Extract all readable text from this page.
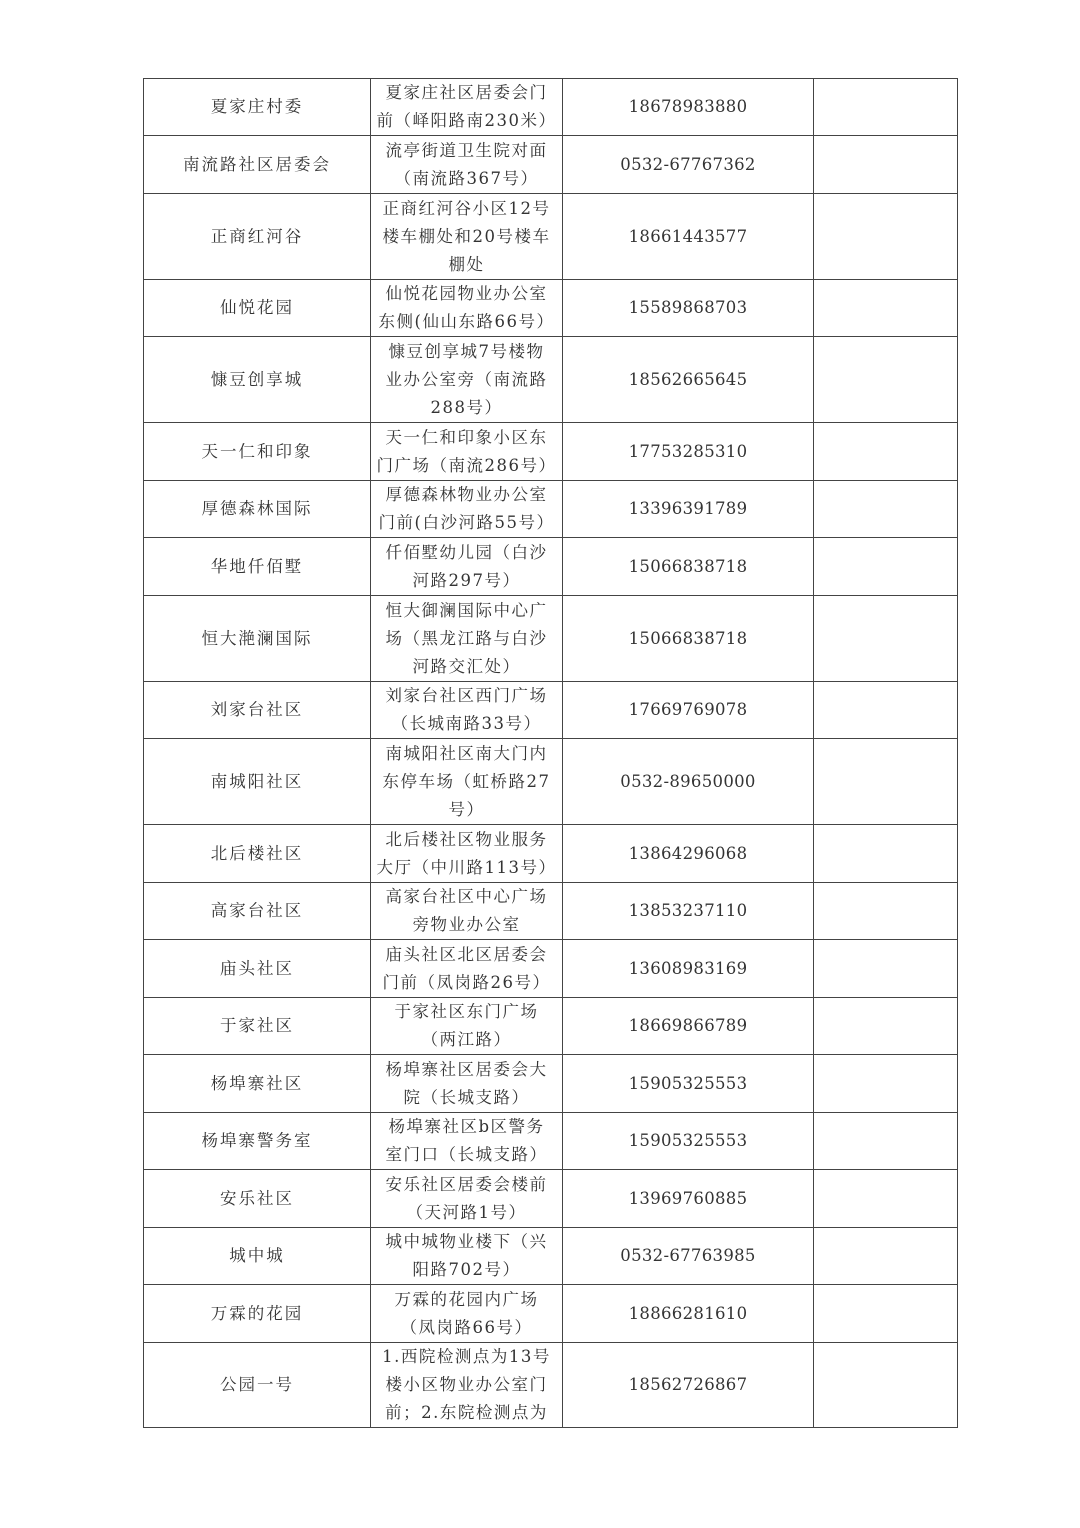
夏家庄村委	夏家庄社区居委会门
前（峄阳路南230米）	18678983880	
南流路社区居委会	流亭街道卫生院对面
（南流路367号）	0532-67767362	
正商红河谷	正商红河谷小区12号
楼车棚处和20号楼车
棚处	18661443577	
仙悦花园	仙悦花园物业办公室
东侧(仙山东路66号）	15589868703	
慷豆创享城	慷豆创享城7号楼物
业办公室旁（南流路
288号）	18562665645	
天一仁和印象	天一仁和印象小区东
门广场（南流286号）	17753285310	
厚德森林国际	厚德森林物业办公室
门前(白沙河路55号）	13396391789	
华地仟佰墅	仟佰墅幼儿园（白沙
河路297号）	15066838718	
恒大滟澜国际	恒大御澜国际中心广
场（黑龙江路与白沙
河路交汇处）	15066838718	
刘家台社区	刘家台社区西门广场
（长城南路33号）	17669769078	
南城阳社区	南城阳社区南大门内
东停车场（虹桥路27
号）	0532-89650000	
北后楼社区	北后楼社区物业服务
大厅（中川路113号）	13864296068	
高家台社区	高家台社区中心广场
旁物业办公室	13853237110	
庙头社区	庙头社区北区居委会
门前（凤岗路26号）	13608983169	
于家社区	于家社区东门广场
（两江路）	18669866789	
杨埠寨社区	杨埠寨社区居委会大
院（长城支路）	15905325553	
杨埠寨警务室	杨埠寨社区b区警务
室门口（长城支路）	15905325553	
安乐社区	安乐社区居委会楼前
（天河路1号）	13969760885	
城中城	城中城物业楼下（兴
阳路702号）	0532-67763985	
万霖的花园	万霖的花园内广场
（凤岗路66号）	18866281610	
公园一号	1.西院检测点为13号
楼小区物业办公室门
前；2.东院检测点为	18562726867	
